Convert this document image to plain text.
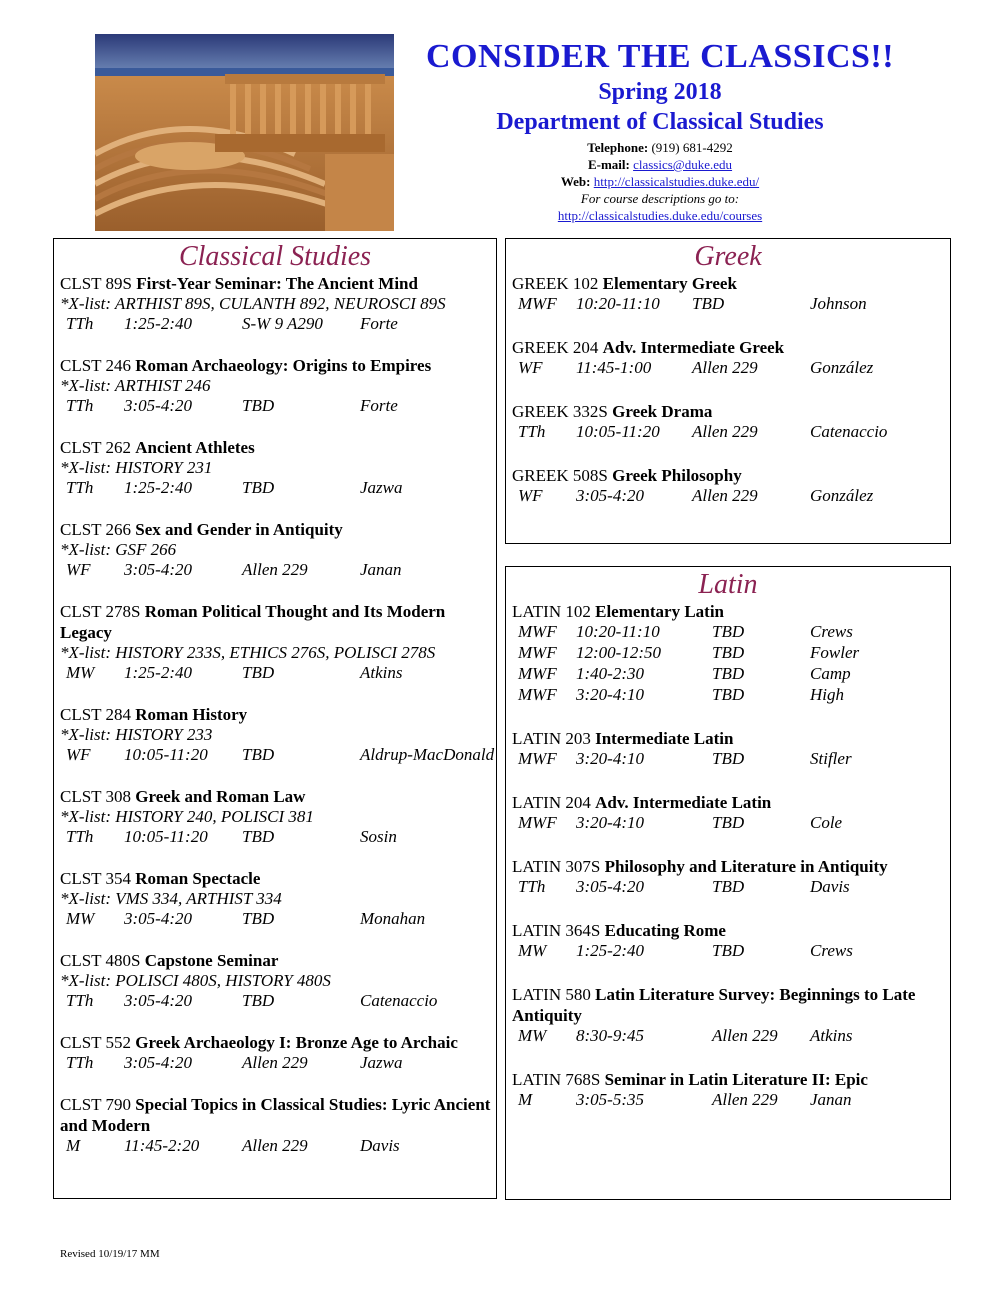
CONSIDER THE CLASSICS!!
Spring 2018
Department of Classical Studies
Telephone: (919) 681-4292
E-mail: classics@duke.edu
Web: http://classicalstudies.duke.edu/
For course descriptions go to:
http://classicalstudies.duke.edu/courses
Classical Studies
CLST 89S First-Year Seminar: The Ancient Mind
*X-list: ARTHIST 89S, CULANTH 892, NEUROSCI 89S
TTh 1:25-2:40	S-W 9 A290 Forte
CLST 246 Roman Archaeology: Origins to Empires
*X-list: ARTHIST 246
TTh 3:05-4:20	TBD	Forte
CLST 262 Ancient Athletes
*X-list: HISTORY 231
TTh 1:25-2:40	TBD	Jazwa
CLST 266 Sex and Gender in Antiquity
*X-list: GSF 266
WF 3:05-4:20	Allen 229	Janan
CLST 278S Roman Political Thought and Its Modern Legacy
*X-list: HISTORY 233S, ETHICS 276S, POLISCI 278S
MW 1:25-2:40	TBD	Atkins
CLST 284 Roman History
*X-list: HISTORY 233
WF 10:05-11:20 TBD	Aldrup-MacDonald
CLST 308 Greek and Roman Law
*X-list: HISTORY 240, POLISCI 381
TTh 10:05-11:20 TBD	Sosin
CLST 354 Roman Spectacle
*X-list: VMS 334, ARTHIST 334
MW 3:05-4:20	TBD	Monahan
CLST 480S Capstone Seminar
*X-list: POLISCI 480S, HISTORY 480S
TTh 3:05-4:20	TBD	Catenaccio
CLST 552 Greek Archaeology I: Bronze Age to Archaic
TTh 3:05-4:20	Allen 229	Jazwa
CLST 790 Special Topics in Classical Studies: Lyric Ancient and Modern
M	11:45-2:20	Allen 229	Davis
Greek
GREEK 102 Elementary Greek
MWF 10:20-11:10 TBD	Johnson
GREEK 204 Adv. Intermediate Greek
WF 11:45-1:00 Allen 229	González
GREEK 332S Greek Drama
TTh 10:05-11:20 Allen 229	Catenaccio
GREEK 508S Greek Philosophy
WF 3:05-4:20	Allen 229	González
Latin
LATIN 102 Elementary Latin
MWF 10:20-11:10	TBD	Crews
MWF 12:00-12:50	TBD	Fowler
MWF 1:40-2:30	TBD	Camp
MWF 3:20-4:10	TBD	High
LATIN 203 Intermediate Latin
MWF 3:20-4:10	TBD	Stifler
LATIN 204 Adv. Intermediate Latin
MWF 3:20-4:10	TBD	Cole
LATIN 307S Philosophy and Literature in Antiquity
TTh 3:05-4:20	TBD	Davis
LATIN 364S Educating Rome
MW 1:25-2:40	TBD	Crews
LATIN 580 Latin Literature Survey: Beginnings to Late Antiquity
MW 8:30-9:45	Allen 229 Atkins
LATIN 768S Seminar in Latin Literature II: Epic
M	3:05-5:35	Allen 229 Janan
Revised 10/19/17 MM
